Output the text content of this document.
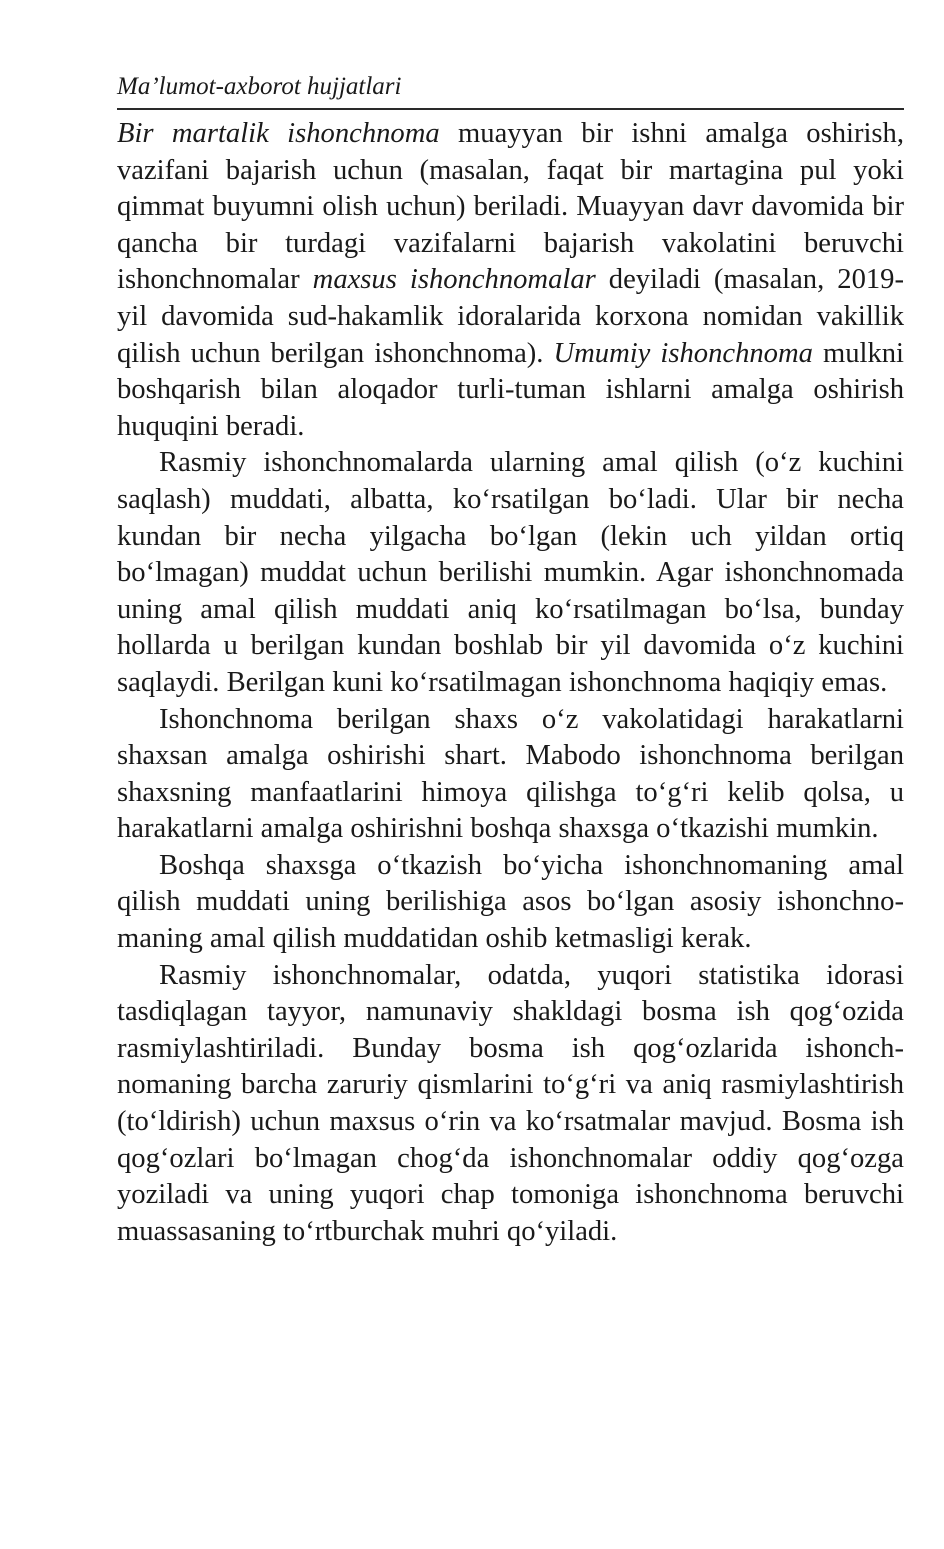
Ma’lumot-axborot hujjatlari

Bir martalik ishonchnoma muayyan bir ishni amalga oshirish, vazifani bajarish uchun (masalan, faqat bir martagina pul yoki qimmat buyumni olish uchun) beriladi. Muayyan davr davomida bir qancha bir turdagi vazifalarni bajarish vakolatini beruvchi ishonchnomalar maxsus ishonchnomalar deyiladi (masalan, 2019-yil davomida sud-hakamlik idoralarida korxona nomidan vakillik qilish uchun berilgan ishonchnoma). Umumiy ishonchnoma mulkni boshqarish bilan aloqador turli-tuman ishlarni amalga oshirish huquqini beradi.

Rasmiy ishonchnomalarda ularning amal qilish (o‘z kuchini saqlash) muddati, albatta, ko‘rsatilgan bo‘ladi. Ular bir necha kundan bir necha yilgacha bo‘lgan (lekin uch yildan ortiq bo‘lmagan) muddat uchun berilishi mumkin. Agar ishonchnomada uning amal qilish muddati aniq ko‘rsatilmagan bo‘lsa, bunday hollarda u berilgan kundan boshlab bir yil davomida o‘z kuchini saqlaydi. Berilgan kuni ko‘rsatilmagan ishonchnoma haqiqiy emas.

Ishonchnoma berilgan shaxs o‘z vakolatidagi harakatlarni shaxsan amalga oshirishi shart. Mabodo ishonchnoma berilgan shaxsning manfaatlarini himoya qilishga to‘g‘ri kelib qolsa, u harakatlarni amalga oshirishni boshqa shaxsga o‘tkazishi mumkin.

Boshqa shaxsga o‘tkazish bo‘yicha ishonchnomaning amal qilish muddati uning berilishiga asos bo‘lgan asosiy ishonchnomaning amal qilish muddatidan oshib ketmasligi kerak.

Rasmiy ishonchnomalar, odatda, yuqori statistika idorasi tasdiqlagan tayyor, namunaviy shakldagi bosma ish qog‘ozida rasmiylashtiriladi. Bunday bosma ish qog‘ozlarida ishonchnomaning barcha zaruriy qismlarini to‘g‘ri va aniq rasmiylashtirish (to‘ldirish) uchun maxsus o‘rin va ko‘rsatmalar mavjud. Bosma ish qog‘ozlari bo‘lmagan chog‘da ishonchnomalar oddiy qog‘ozga yoziladi va uning yuqori chap tomoniga ishonchnoma beruvchi muassasaning to‘rtburchak muhri qo‘yiladi.
